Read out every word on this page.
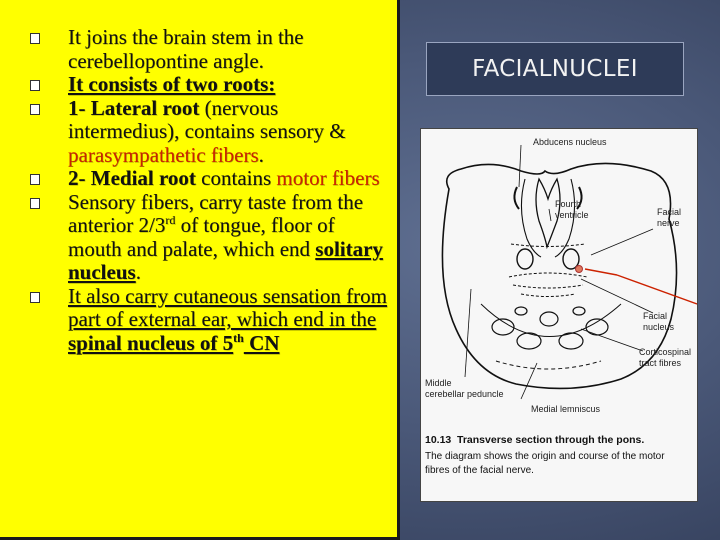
It joins the brain stem in the cerebellopontine angle.
It consists of two roots:
1- Lateral root (nervous intermedius), contains sensory & parasympathetic fibers.
2- Medial root contains motor fibers
Sensory fibers, carry taste from the anterior 2/3rd of tongue, floor of mouth and palate, which end solitary nucleus.
It also carry cutaneous sensation from part of external ear, which end in the spinal nucleus of 5th CN
FACIALNUCLEI
Abducens nucleus
Fourth
ventricle	Facial
nerve
Facial
nucleus
Corticospinal
tract fibres
Middle
cerebellar peduncle
Medial lemniscus
10.13 Transverse section through the pons.
The diagram shows the origin and course of the motor
fibres of the facial nerve.
